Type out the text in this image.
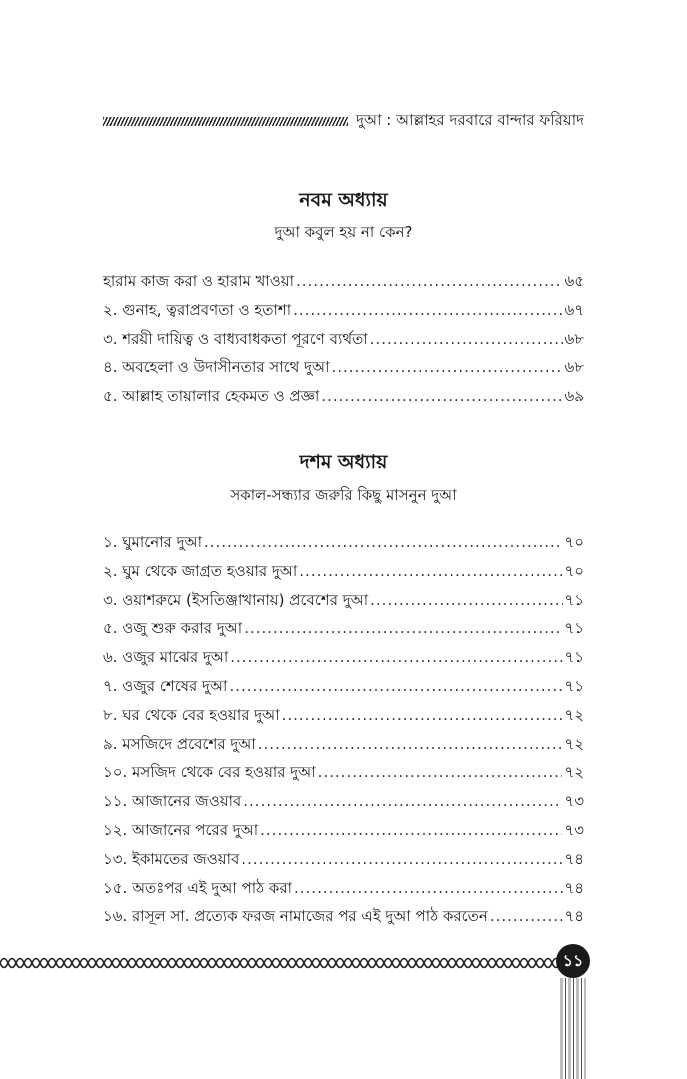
দুআ : আল্লাহর দরবারে বান্দার ফরিয়াদ
নবম অধ্যায়
দুআ কবুল হয় না কেন?
হারাম কাজ করা ও হারাম খাওয়া .....	৬৫
২. গুনাহ, ত্বরাপ্রবণতা ও হতাশা .....	৬৭
৩. শরয়ী দায়িত্ব ও বাধ্যবাধকতা পূরণে ব্যর্থতা .....	৬৮
৪. অবহেলা ও উদাসীনতার সাথে দুআ .....	৬৮
৫. আল্লাহ তায়ালার হেকমত ও প্রজ্ঞা .....	৬৯
দশম অধ্যায়
সকাল-সন্ধ্যার জরুরি কিছু মাসনুন দুআ
১. ঘুমানোর দুআ .....	৭০
২. ঘুম থেকে জাগ্রত হওয়ার দুআ .....	৭০
৩. ওয়াশরুমে (ইসতিঞ্জাখানায়) প্রবেশের দুআ .....	৭১
৫. ওজু শুরু করার দুআ .....	৭১
৬. ওজুর মাঝের দুআ .....	৭১
৭. ওজুর শেষের দুআ .....	৭১
৮. ঘর থেকে বের হওয়ার দুআ .....	৭২
৯. মসজিদে প্রবেশের দুআ .....	৭২
১০. মসজিদ থেকে বের হওয়ার দুআ .....	৭২
১১. আজানের জওয়াব .....	৭৩
১২. আজানের পরের দুআ .....	৭৩
১৩. ইকামতের জওয়াব .....	৭৪
১৫. অতঃপর এই দুআ পাঠ করা .....	৭৪
১৬. রাসূল সা. প্রত্যেক ফরজ নামাজের পর এই দুআ পাঠ করতেন .....	৭৪
১১
